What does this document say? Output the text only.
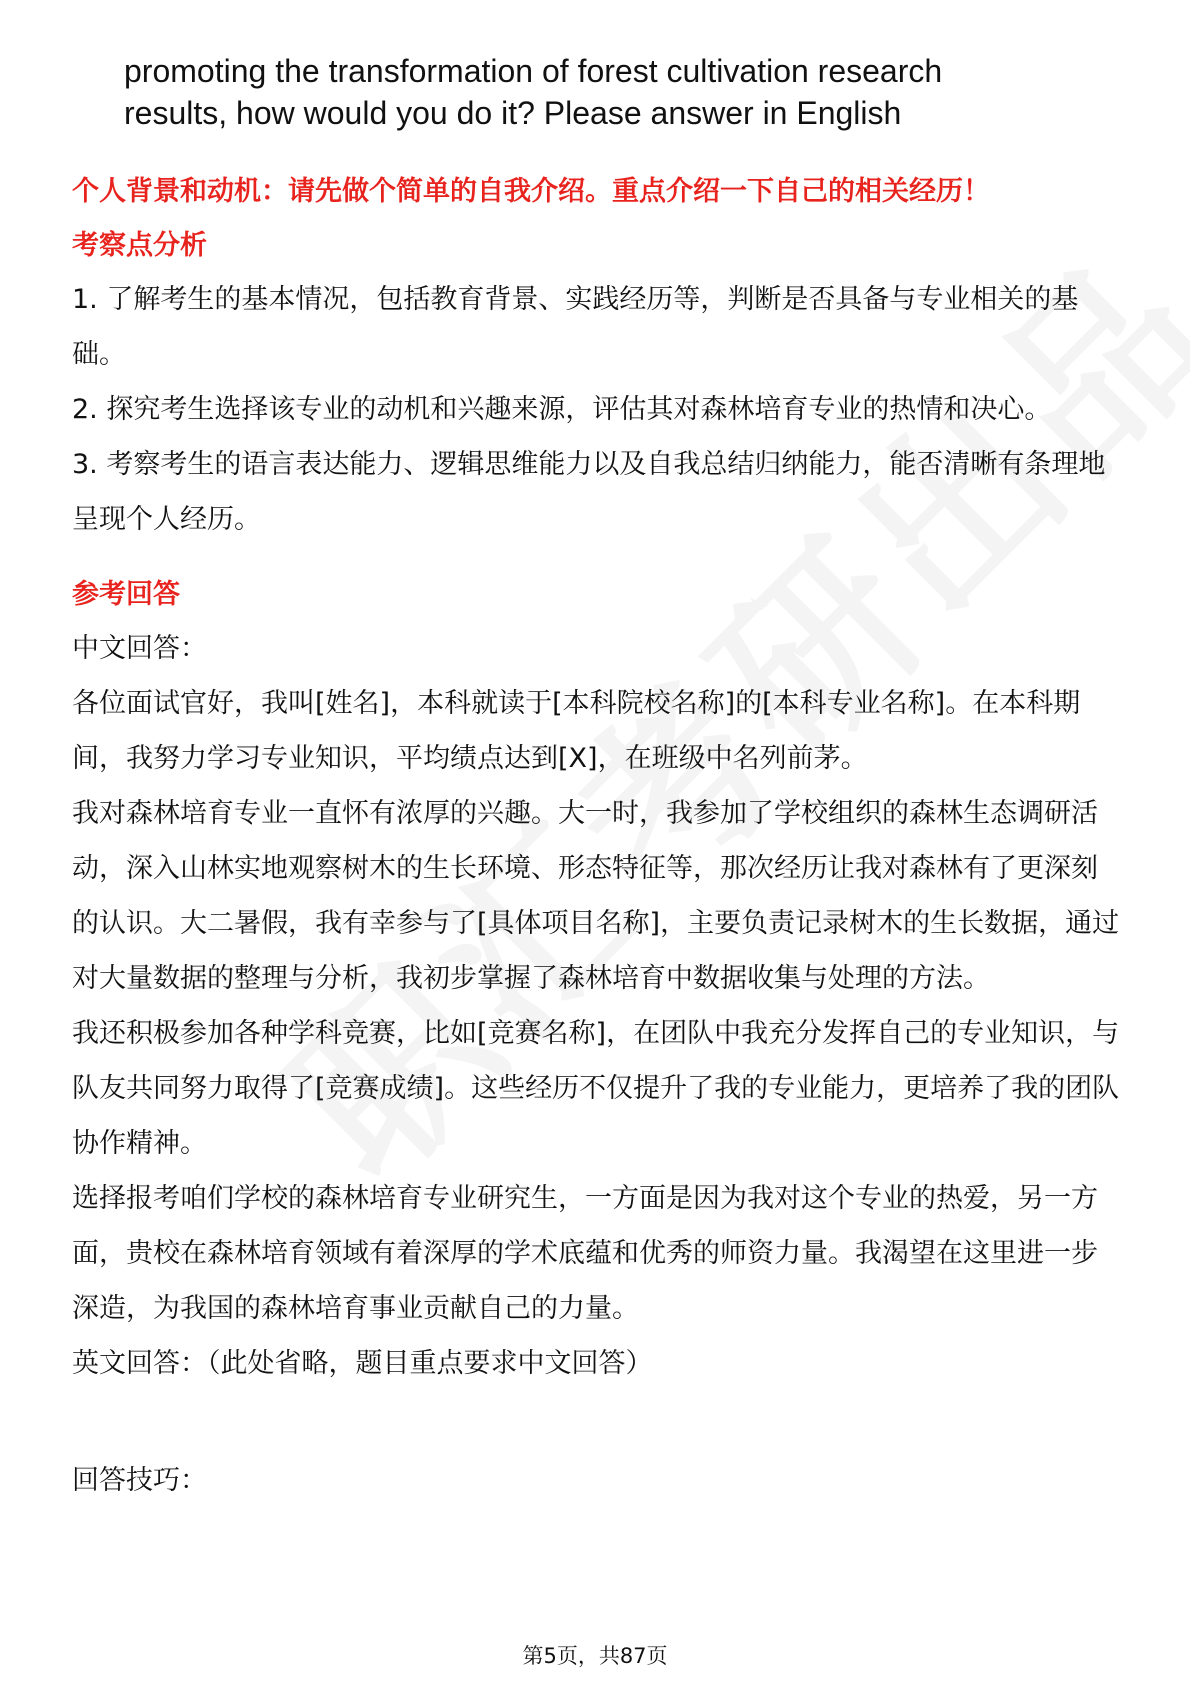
promoting the transformation of forest cultivation research
results, how would you do it? Please answer in English
个人背景和动机：请先做个简单的自我介绍。重点介绍一下自己的相关经历！
考察点分析
1. 了解考生的基本情况，包括教育背景、实践经历等，判断是否具备与专业相关的基础。
2. 探究考生选择该专业的动机和兴趣来源，评估其对森林培育专业的热情和决心。
3. 考察考生的语言表达能力、逻辑思维能力以及自我总结归纳能力，能否清晰有条理地呈现个人经历。
参考回答
中文回答：
各位面试官好，我叫[姓名]，本科就读于[本科院校名称]的[本科专业名称]。在本科期间，我努力学习专业知识，平均绩点达到[X]，在班级中名列前茅。
我对森林培育专业一直怀有浓厚的兴趣。大一时，我参加了学校组织的森林生态调研活动，深入山林实地观察树木的生长环境、形态特征等，那次经历让我对森林有了更深刻的认识。大二暑假，我有幸参与了[具体项目名称]，主要负责记录树木的生长数据，通过对大量数据的整理与分析，我初步掌握了森林培育中数据收集与处理的方法。
我还积极参加各种学科竞赛，比如[竞赛名称]，在团队中我充分发挥自己的专业知识，与队友共同努力取得了[竞赛成绩]。这些经历不仅提升了我的专业能力，更培养了我的团队协作精神。
选择报考咱们学校的森林培育专业研究生，一方面是因为我对这个专业的热爱，另一方面，贵校在森林培育领域有着深厚的学术底蕴和优秀的师资力量。我渴望在这里进一步深造，为我国的森林培育事业贡献自己的力量。
英文回答：（此处省略，题目重点要求中文回答）
回答技巧：
第5页，共87页
